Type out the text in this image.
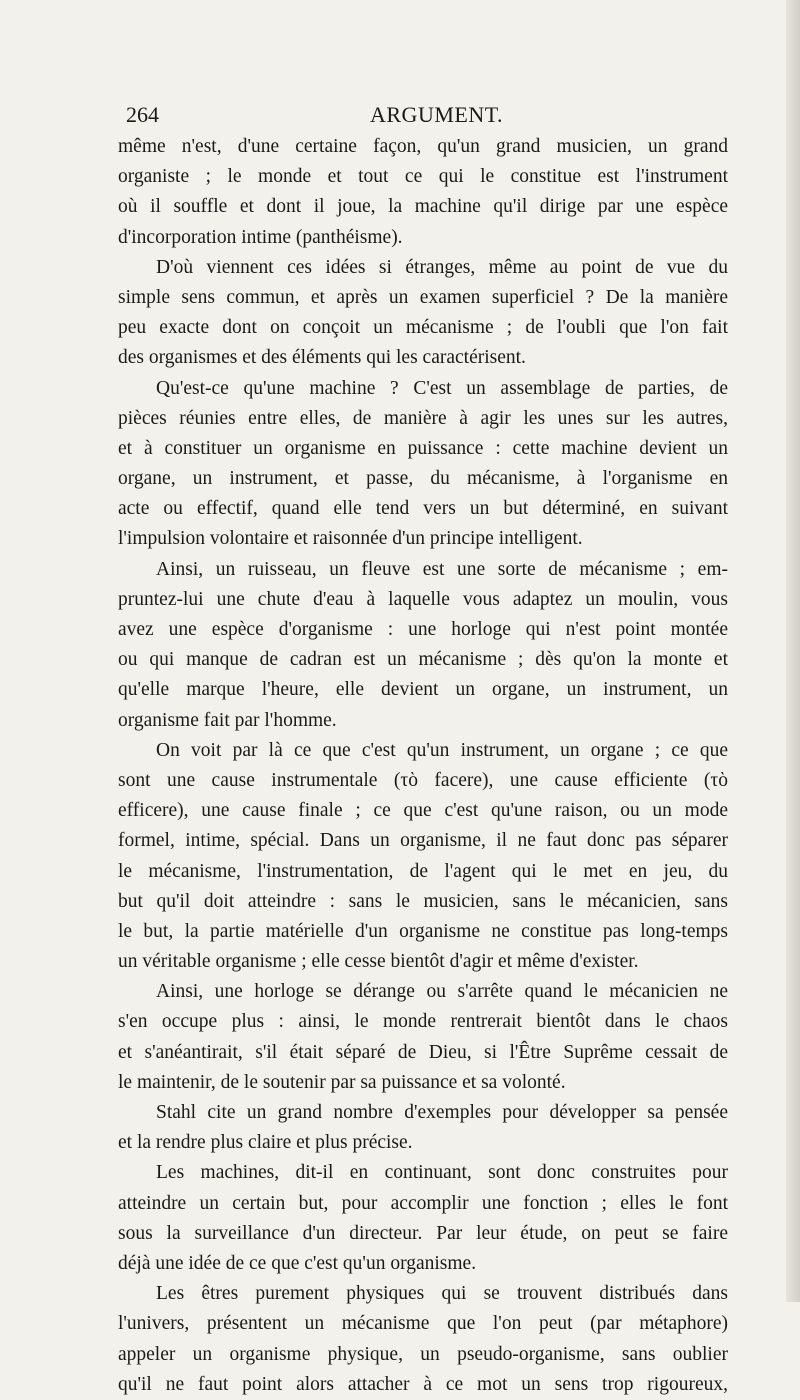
264	ARGUMENT.
même n'est, d'une certaine façon, qu'un grand musicien, un grand
organiste ; le monde et tout ce qui le constitue est l'instrument
où il souffle et dont il joue, la machine qu'il dirige par une espèce
d'incorporation intime (panthéisme).
D'où viennent ces idées si étranges, même au point de vue du
simple sens commun, et après un examen superficiel ? De la manière
peu exacte dont on conçoit un mécanisme ; de l'oubli que l'on fait
des organismes et des éléments qui les caractérisent.
Qu'est-ce qu'une machine ? C'est un assemblage de parties, de
pièces réunies entre elles, de manière à agir les unes sur les autres,
et à constituer un organisme en puissance : cette machine devient un
organe, un instrument, et passe, du mécanisme, à l'organisme en
acte ou effectif, quand elle tend vers un but déterminé, en suivant
l'impulsion volontaire et raisonnée d'un principe intelligent.
Ainsi, un ruisseau, un fleuve est une sorte de mécanisme ; em-
pruntez-lui une chute d'eau à laquelle vous adaptez un moulin, vous
avez une espèce d'organisme : une horloge qui n'est point montée
ou qui manque de cadran est un mécanisme ; dès qu'on la monte et
qu'elle marque l'heure, elle devient un organe, un instrument, un
organisme fait par l'homme.
On voit par là ce que c'est qu'un instrument, un organe ; ce que
sont une cause instrumentale (τὸ facere), une cause efficiente (τὸ
efficere), une cause finale ; ce que c'est qu'une raison, ou un mode
formel, intime, spécial. Dans un organisme, il ne faut donc pas séparer
le mécanisme, l'instrumentation, de l'agent qui le met en jeu, du
but qu'il doit atteindre : sans le musicien, sans le mécanicien, sans
le but, la partie matérielle d'un organisme ne constitue pas long-temps
un véritable organisme ; elle cesse bientôt d'agir et même d'exister.
Ainsi, une horloge se dérange ou s'arrête quand le mécanicien ne
s'en occupe plus : ainsi, le monde rentrerait bientôt dans le chaos
et s'anéantirait, s'il était séparé de Dieu, si l'Être Suprême cessait de
le maintenir, de le soutenir par sa puissance et sa volonté.
Stahl cite un grand nombre d'exemples pour développer sa pensée
et la rendre plus claire et plus précise.
Les machines, dit-il en continuant, sont donc construites pour
atteindre un certain but, pour accomplir une fonction ; elles le font
sous la surveillance d'un directeur. Par leur étude, on peut se faire
déjà une idée de ce que c'est qu'un organisme.
Les êtres purement physiques qui se trouvent distribués dans
l'univers, présentent un mécanisme que l'on peut (par métaphore)
appeler un organisme physique, un pseudo-organisme, sans oublier
qu'il ne faut point alors attacher à ce mot un sens trop rigoureux,
